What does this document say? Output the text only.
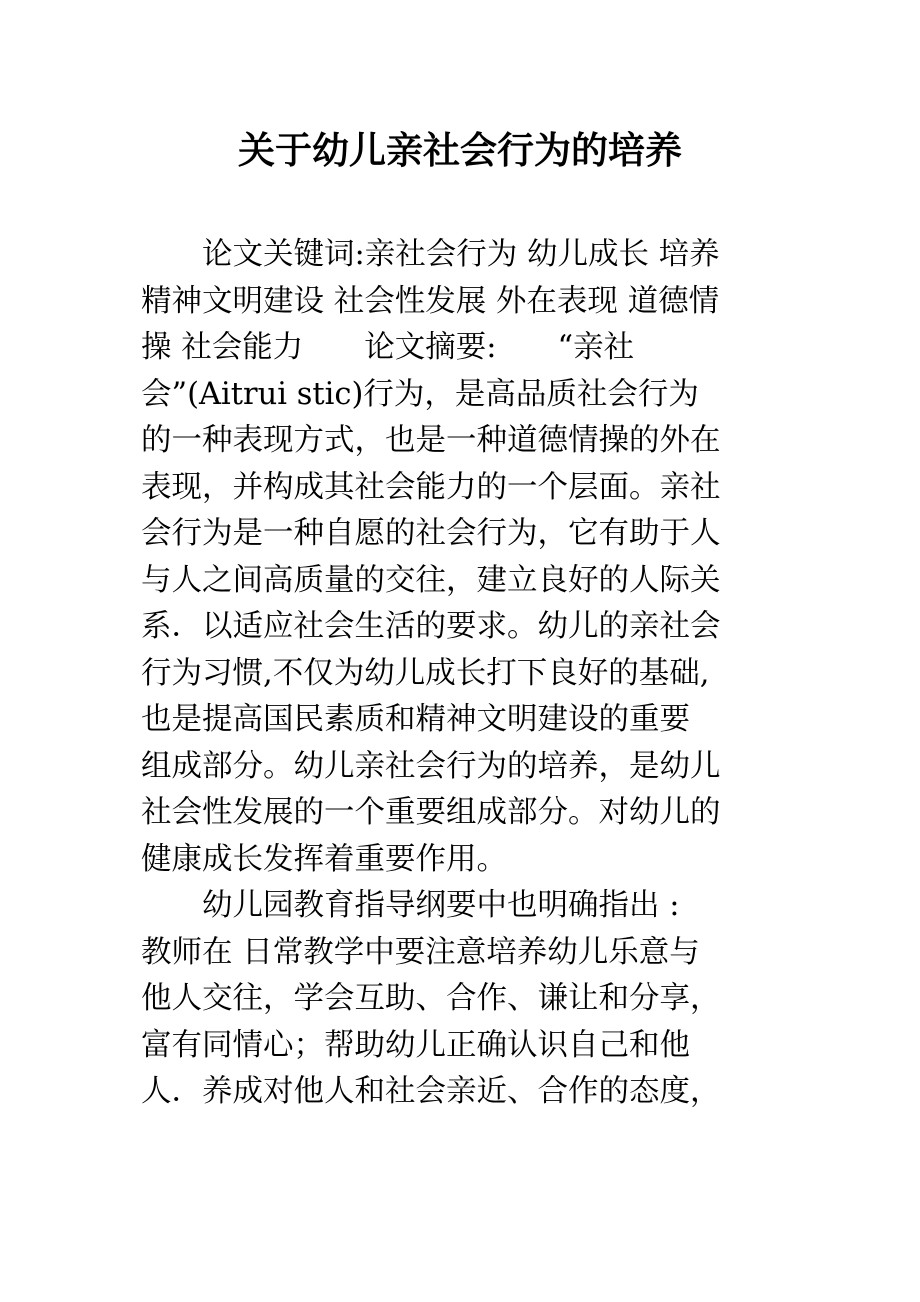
关于幼儿亲社会行为的培养
　　论文关键词:亲社会行为 幼儿成长 培养
精神文明建设 社会性发展 外在表现 道德情
操 社会能力　　论文摘要:　　“亲社
会”(Aitrui stic)行为，是高品质社会行为
的一种表现方式，也是一种道德情操的外在
表现，并构成其社会能力的一个层面。亲社
会行为是一种自愿的社会行为，它有助于人
与人之间高质量的交往，建立良好的人际关
系．以适应社会生活的要求。幼儿的亲社会
行为习惯,不仅为幼儿成长打下良好的基础,
也是提高国民素质和精神文明建设的重要
组成部分。幼儿亲社会行为的培养，是幼儿
社会性发展的一个重要组成部分。对幼儿的
健康成长发挥着重要作用。
　　幼儿园教育指导纲要中也明确指出 :
教师在 日常教学中要注意培养幼儿乐意与
他人交往，学会互助、合作、谦让和分享，
富有同情心；帮助幼儿正确认识自己和他
人．养成对他人和社会亲近、合作的态度，
